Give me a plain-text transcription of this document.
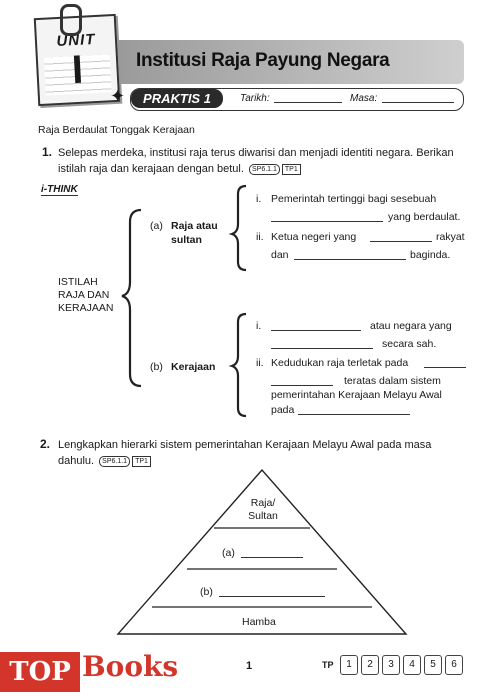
Institusi Raja Payung Negara
UNIT
I
✦	PRAKTIS 1	Tarikh:	Masa:
Raja Berdaulat Tonggak Kerajaan
1. Selepas merdeka, institusi raja terus diwarisi dan menjadi identiti negara. Berikan
istilah raja dan kerajaan dengan betul. SP6.1.1 TP1
i-THINK
ISTILAH
RAJA DAN
KERAJAAN
(a) Raja atau
sultan
i. Pemerintah tertinggi bagi sesebuah
yang berdaulat.
ii. Ketua negeri yang	rakyat
dan	baginda.
(b) Kerajaan
i.	atau negara yang
secara sah.
ii. Kedudukan raja terletak pada
teratas dalam sistem
pemerintahan Kerajaan Melayu Awal
pada
2. Lengkapkan hierarki sistem pemerintahan Kerajaan Melayu Awal pada masa
dahulu. SP6.1.1 TP1
Raja/
Sultan
(a)
(b)
Hamba
TOP Books	1	TP	1	2	3	4	5	6
